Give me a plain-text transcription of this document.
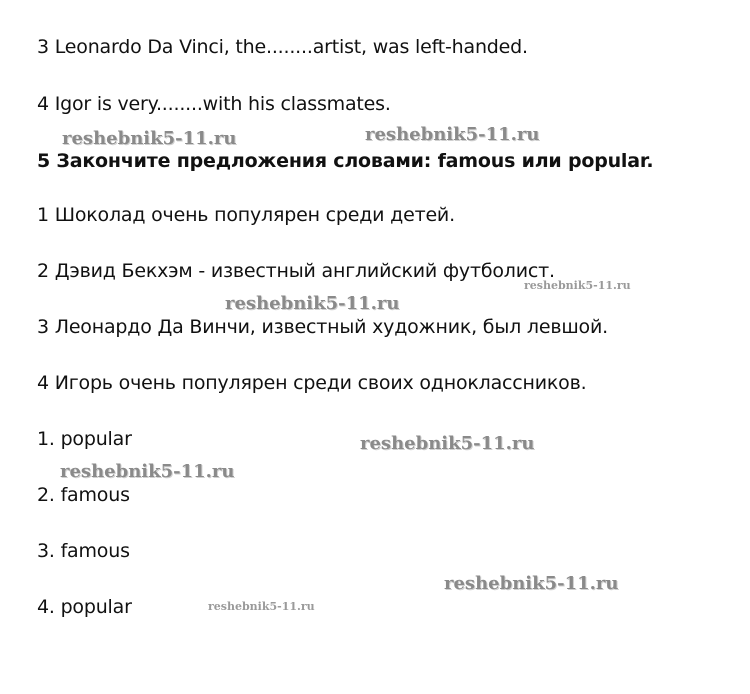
3 Leonardo Da Vinci, the........artist, was left-handed.
4 Igor is very........with his classmates.
5 Закончите предложения словами: famous или popular.
1 Шоколад очень популярен среди детей.
2 Дэвид Бекхэм - известный английский футболист.
3 Леонардо Да Винчи, известный художник, был левшой.
4 Игорь очень популярен среди своих одноклассников.
1. popular
2. famous
3. famous
4. popular
reshebnik5-11.ru	reshebnik5-11.ru
reshebnik5-11.ru
reshebnik5-11.ru
reshebnik5-11.ru
reshebnik5-11.ru
reshebnik5-11.ru
reshebnik5-11.ru
